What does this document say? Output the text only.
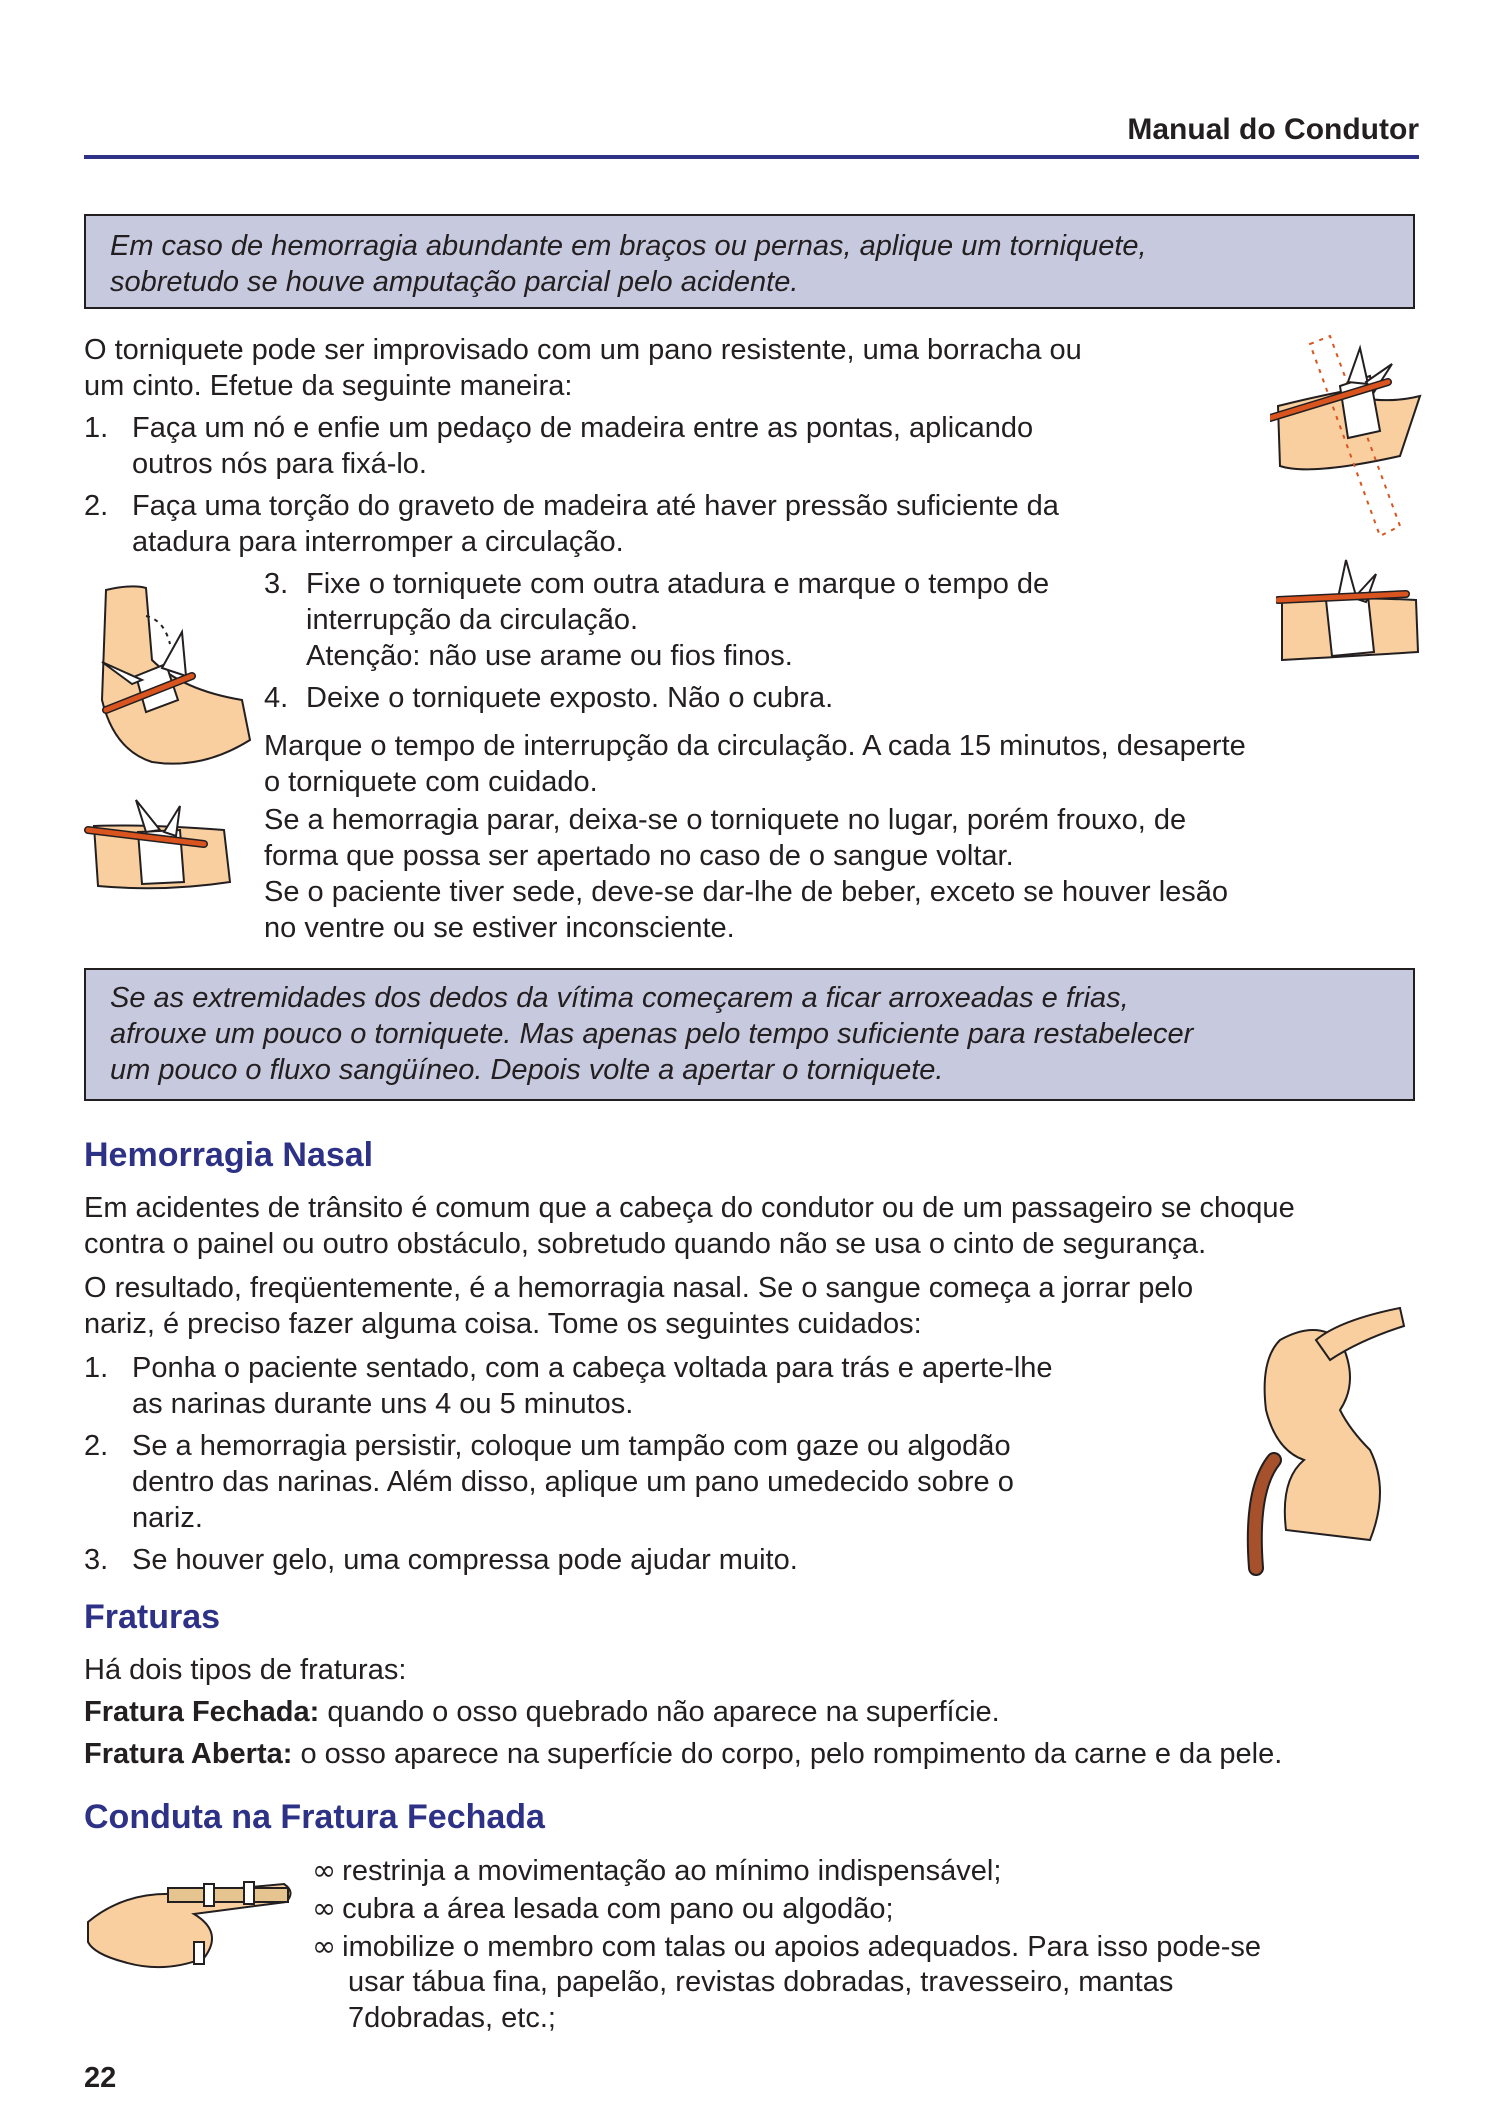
Manual do Condutor

Em caso de hemorragia abundante em braços ou pernas, aplique um torniquete,

sobretudo se houve amputação parcial pelo acidente.

O torniquete pode ser improvisado com um pano resistente, uma borracha ou
um cinto. Efetue da seguinte maneira:
1. Faça um nó e enfie um pedaço de madeira entre as pontas, aplicando
outros nós para fixá-lo.
2. Faça uma torção do graveto de madeira até haver pressão suficiente da
atadura para interromper a circulação.
3. Fixe o torniquete com outra atadura e marque o tempo de
interrupção da circulação.
Atenção: não use arame ou fios finos.
4. Deixe o torniquete exposto. Não o cubra.
Marque o tempo de interrupção da circulação. A cada 15 minutos, desaperte
o torniquete com cuidado.
Se a hemorragia parar, deixa-se o torniquete no lugar, porém frouxo, de
forma que possa ser apertado no caso de o sangue voltar.
Se o paciente tiver sede, deve-se dar-lhe de beber, exceto se houver lesão
no ventre ou se estiver inconsciente.

Se as extremidades dos dedos da vítima começarem a ficar arroxeadas e frias,

afrouxe um pouco o torniquete. Mas apenas pelo tempo suficiente para restabelecer

um pouco o fluxo sangüíneo. Depois volte a apertar o torniquete.

Hemorragia Nasal
Em acidentes de trânsito é comum que a cabeça do condutor ou de um passageiro se choque
contra o painel ou outro obstáculo, sobretudo quando não se usa o cinto de segurança.
O resultado, freqüentemente, é a hemorragia nasal. Se o sangue começa a jorrar pelo
nariz, é preciso fazer alguma coisa. Tome os seguintes cuidados:
1. Ponha o paciente sentado, com a cabeça voltada para trás e aperte-lhe
as narinas durante uns 4 ou 5 minutos.
2. Se a hemorragia persistir, coloque um tampão com gaze ou algodão
dentro das narinas. Além disso, aplique um pano umedecido sobre o
nariz.
3. Se houver gelo, uma compressa pode ajudar muito.
Fraturas
Há dois tipos de fraturas:
Fratura Fechada: quando o osso quebrado não aparece na superfície.
Fratura Aberta: o osso aparece na superfície do corpo, pelo rompimento da carne e da pele.
Conduta na Fratura Fechada
∞ restrinja a movimentação ao mínimo indispensável;
∞ cubra a área lesada com pano ou algodão;
∞ imobilize o membro com talas ou apoios adequados. Para isso pode-se
usar tábua fina, papelão, revistas dobradas, travesseiro, mantas
7dobradas, etc.;
22
